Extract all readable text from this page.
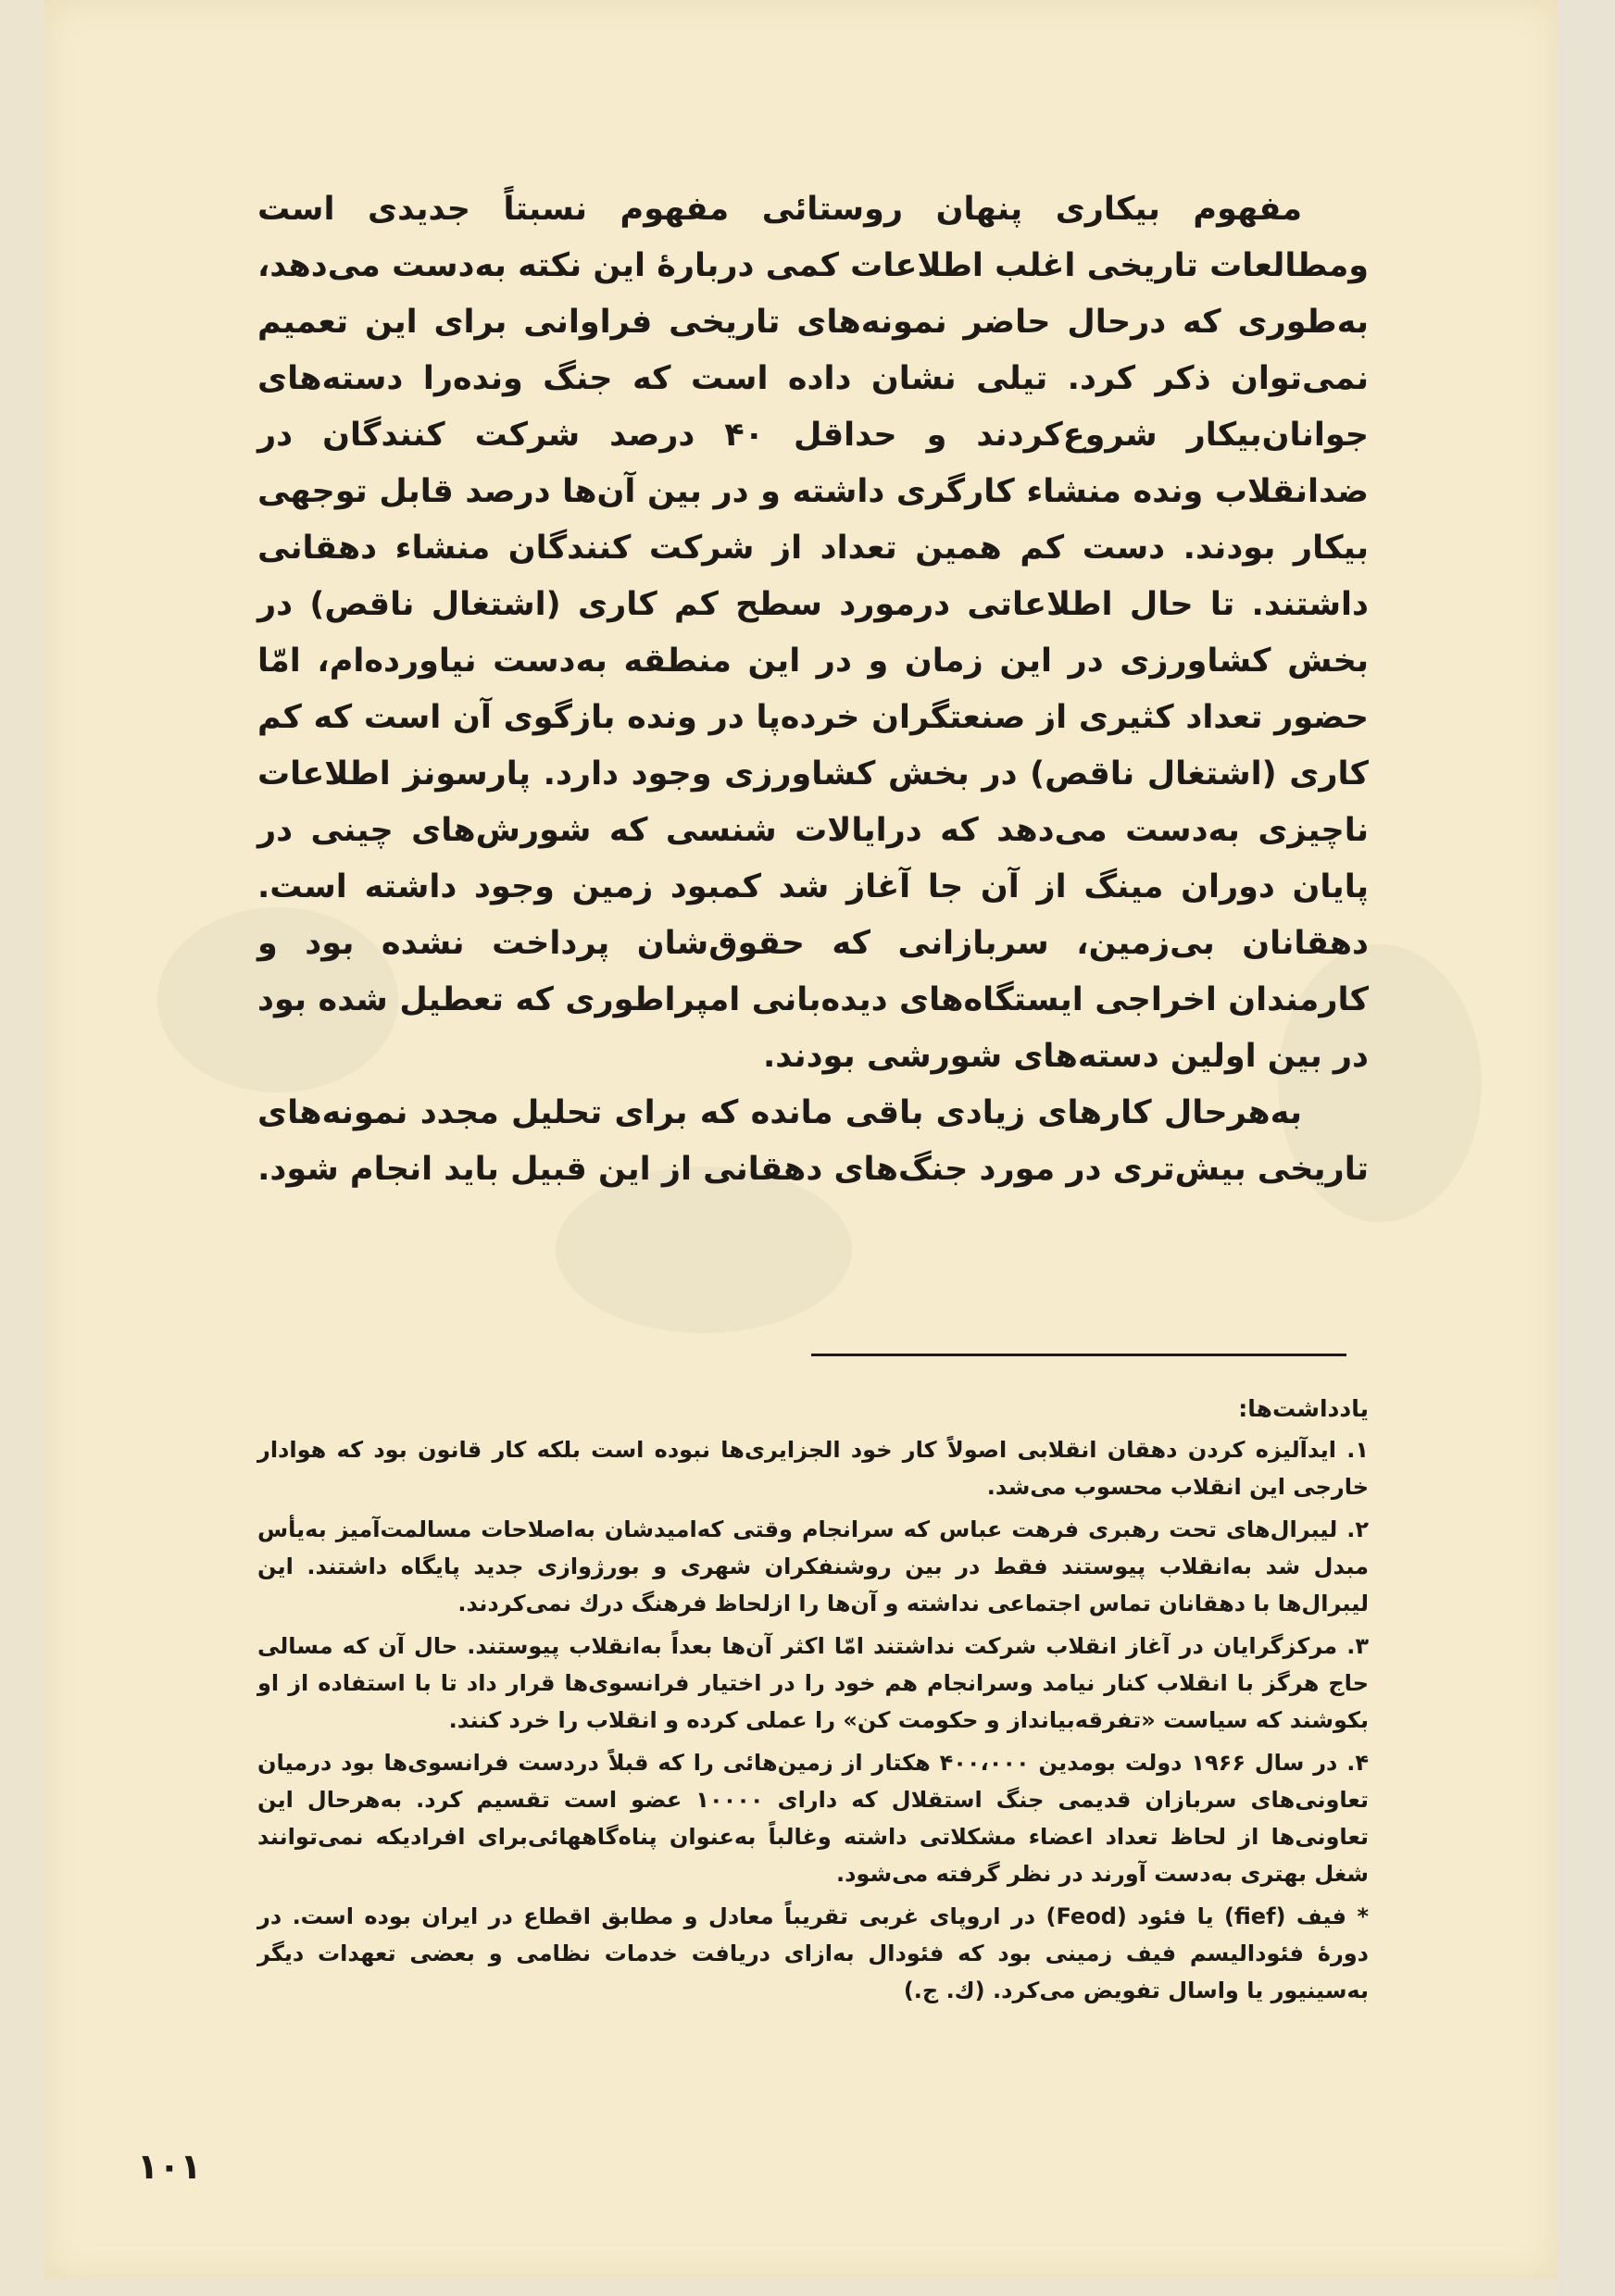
مفهوم بیکاری پنهان روستائی مفهوم نسبتاً جدیدی است ومطالعات تاریخی اغلب اطلاعات کمی دربارهٔ این نکته به‌دست می‌دهد، به‌طوری که درحال حاضر نمونه‌های تاریخی فراوانی برای این تعمیم نمی‌توان ذکر کرد. تیلی نشان داده است که جنگ ونده‌را دسته‌های جوانان‌بیکار شروع‌کردند و حداقل ۴۰ درصد شرکت کنندگان در ضدانقلاب ونده منشاء کارگری داشته و در بین آن‌ها درصد قابل توجهی بیکار بودند. دست کم همین تعداد از شرکت کنندگان منشاء دهقانی داشتند. تا حال اطلاعاتی درمورد سطح کم کاری (اشتغال ناقص) در بخش کشاورزی در این زمان و در این منطقه به‌دست نیاورده‌ام، امّا حضور تعداد کثیری از صنعتگران خرده‌پا در ونده بازگوی آن است که کم کاری (اشتغال ناقص) در بخش کشاورزی وجود دارد. پارسونز اطلاعات ناچیزی به‌دست می‌دهد که درایالات شنسی که شورش‌های چینی در پایان دوران مینگ از آن جا آغاز شد کمبود زمین وجود داشته است. دهقانان بی‌زمین، سربازانی که حقوق‌شان پرداخت نشده بود و کارمندان اخراجی ایستگاه‌های دیده‌بانی امپراطوری که تعطیل شده بود در بین اولین دسته‌های شورشی بودند.

به‌هرحال کارهای زیادی باقی مانده که برای تحلیل مجدد نمونه‌های تاریخی بیش‌تری در مورد جنگ‌های دهقانی از این قبیل باید انجام شود.

یادداشت‌ها:

۱. ایدآلیزه کردن دهقان انقلابی اصولاً کار خود الجزایری‌ها نبوده است بلکه کار قانون بود که هوادار خارجی این انقلاب محسوب می‌شد.

۲. لیبرال‌های تحت رهبری فرهت عباس که سرانجام وقتی که‌امیدشان به‌اصلاحات مسالمت‌آمیز به‌یأس مبدل شد به‌انقلاب پیوستند فقط در بین روشنفکران شهری و بورژوازی جدید پایگاه داشتند. این لیبرال‌ها با دهقانان تماس اجتماعی نداشته و آن‌ها را ازلحاظ فرهنگ درك نمی‌کردند.

۳. مرکزگرایان در آغاز انقلاب شرکت نداشتند امّا اکثر آن‌ها بعداً به‌انقلاب پیوستند. حال آن که مسالی حاج هرگز با انقلاب کنار نیامد وسرانجام هم خود را در اختیار فرانسوی‌ها قرار داد تا با استفاده از او بکوشند که سیاست «تفرقه‌بیانداز و حکومت کن» را عملی کرده و انقلاب را خرد کنند.

۴. در سال ۱۹۶۶ دولت بومدین ۴۰۰،۰۰۰ هکتار از زمین‌هائی را که قبلاً دردست فرانسوی‌ها بود درمیان تعاونی‌های سربازان قدیمی جنگ استقلال که دارای ۱۰۰۰۰ عضو است تقسیم کرد. به‌هرحال این تعاونی‌ها از لحاظ تعداد اعضاء مشکلاتی داشته وغالباً به‌عنوان پناه‌گاههائی‌برای افرادیکه نمی‌توانند شغل بهتری به‌دست آورند در نظر گرفته می‌شود.

* فیف (fief) یا فئود (Feod) در اروپای غربی تقریباً معادل و مطابق اقطاع در ایران بوده است. در دورهٔ فئودالیسم فیف زمینی بود که فئودال به‌ازای دریافت خدمات نظامی و بعضی تعهدات دیگر به‌سینیور یا واسال تفویض می‌کرد. (ك. ج.)

۱۰۱
